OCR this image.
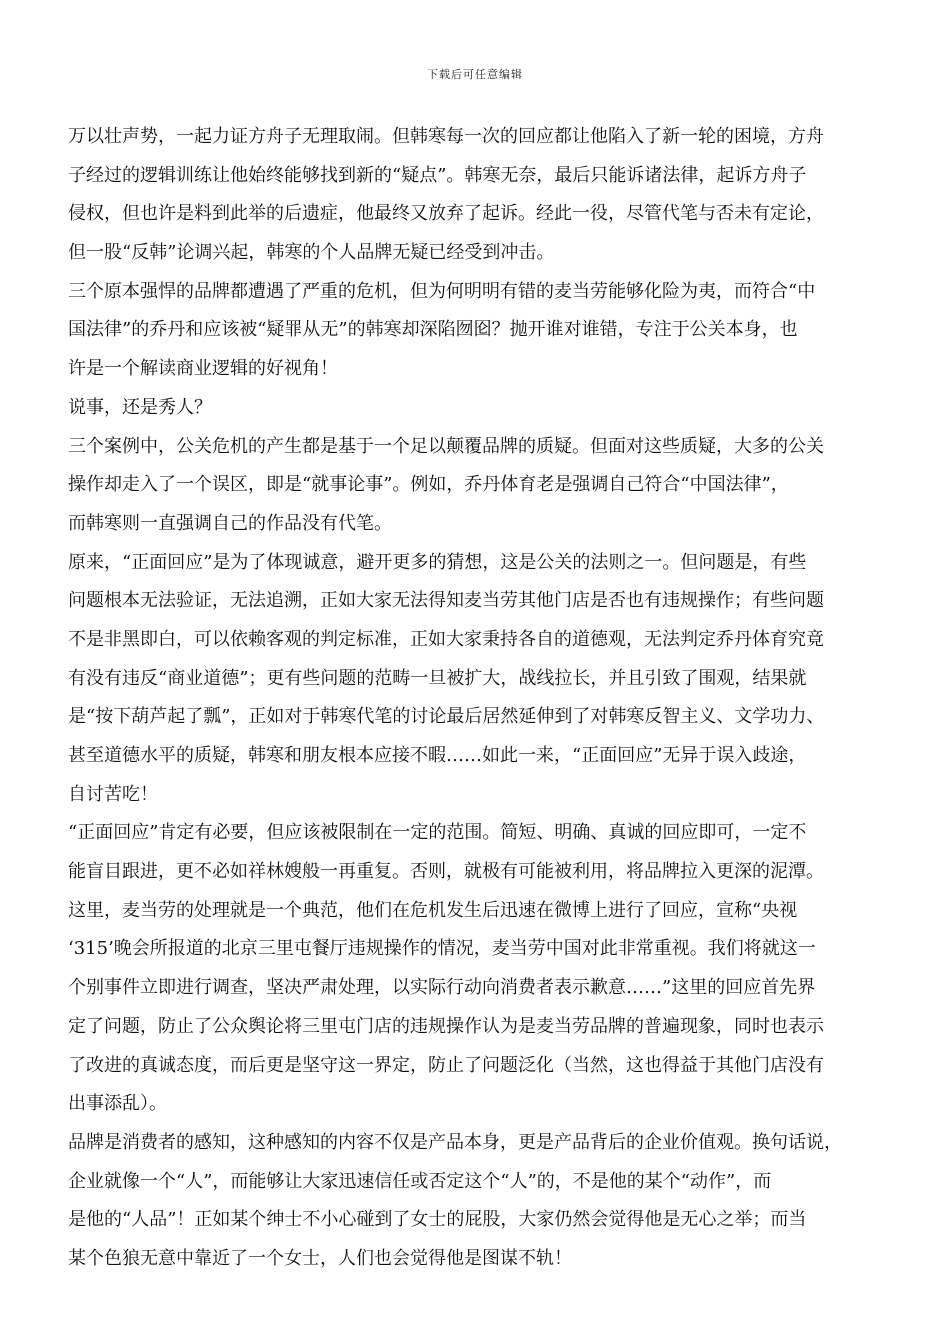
下载后可任意编辑
万以壮声势，一起力证方舟子无理取闹。但韩寒每一次的回应都让他陷入了新一轮的困境，方舟
子经过的逻辑训练让他始终能够找到新的“疑点”。韩寒无奈，最后只能诉诸法律，起诉方舟子
侵权，但也许是料到此举的后遗症，他最终又放弃了起诉。经此一役，尽管代笔与否未有定论，
但一股“反韩”论调兴起，韩寒的个人品牌无疑已经受到冲击。
三个原本强悍的品牌都遭遇了严重的危机，但为何明明有错的麦当劳能够化险为夷，而符合“中
国法律”的乔丹和应该被“疑罪从无”的韩寒却深陷囫囵？抛开谁对谁错，专注于公关本身，也
许是一个解读商业逻辑的好视角！
说事，还是秀人？
三个案例中，公关危机的产生都是基于一个足以颠覆品牌的质疑。但面对这些质疑，大多的公关
操作却走入了一个误区，即是“就事论事”。例如，乔丹体育老是强调自己符合“中国法律”，
而韩寒则一直强调自己的作品没有代笔。
原来，“正面回应”是为了体现诚意，避开更多的猜想，这是公关的法则之一。但问题是，有些
问题根本无法验证，无法追溯，正如大家无法得知麦当劳其他门店是否也有违规操作；有些问题
不是非黑即白，可以依赖客观的判定标准，正如大家秉持各自的道德观，无法判定乔丹体育究竟
有没有违反“商业道德”；更有些问题的范畴一旦被扩大，战线拉长，并且引致了围观，结果就
是“按下葫芦起了瓢”，正如对于韩寒代笔的讨论最后居然延伸到了对韩寒反智主义、文学功力、
甚至道德水平的质疑，韩寒和朋友根本应接不暇……如此一来，“正面回应”无异于误入歧途，
自讨苦吃！
“正面回应”肯定有必要，但应该被限制在一定的范围。简短、明确、真诚的回应即可，一定不
能盲目跟进，更不必如祥林嫂般一再重复。否则，就极有可能被利用，将品牌拉入更深的泥潭。
这里，麦当劳的处理就是一个典范，他们在危机发生后迅速在微博上进行了回应，宣称“央视
‘315’晚会所报道的北京三里屯餐厅违规操作的情况，麦当劳中国对此非常重视。我们将就这一
个别事件立即进行调查，坚决严肃处理，以实际行动向消费者表示歉意……”这里的回应首先界
定了问题，防止了公众舆论将三里屯门店的违规操作认为是麦当劳品牌的普遍现象，同时也表示
了改进的真诚态度，而后更是坚守这一界定，防止了问题泛化（当然，这也得益于其他门店没有
出事添乱）。
品牌是消费者的感知，这种感知的内容不仅是产品本身，更是产品背后的企业价值观。换句话说，
企业就像一个“人”，而能够让大家迅速信任或否定这个“人”的，不是他的某个“动作”，而
是他的“人品”！正如某个绅士不小心碰到了女士的屁股，大家仍然会觉得他是无心之举；而当
某个色狼无意中靠近了一个女士，人们也会觉得他是图谋不轨！
